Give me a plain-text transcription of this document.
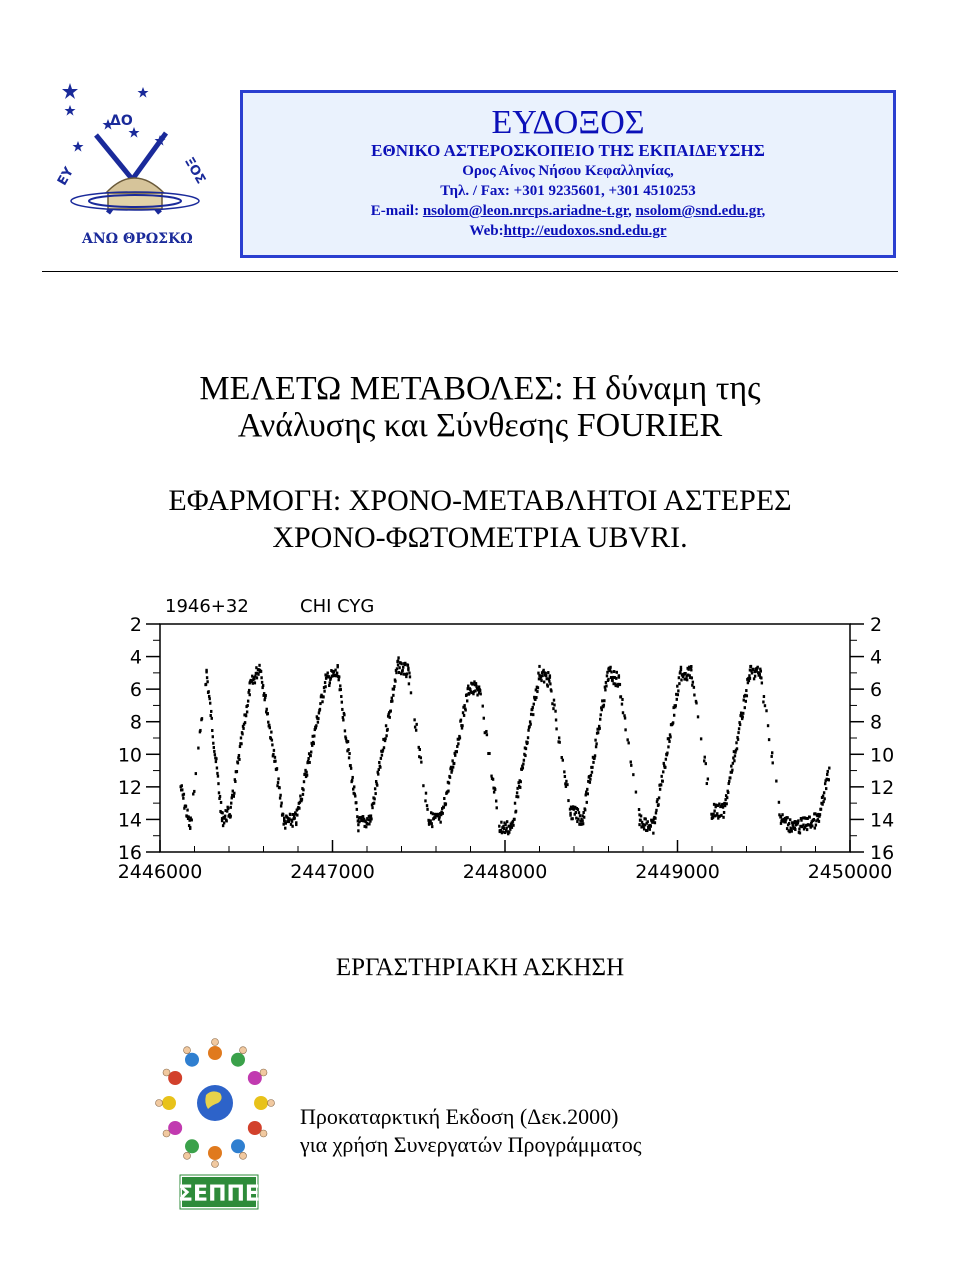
ΔΟ
ΕΥ	ΞΟΣ
ΑΝΩ ΘΡΩΣΚΩ
ΕΥΔΟΞΟΣ
ΕΘΝΙΚΟ ΑΣΤΕΡΟΣΚΟΠΕΙΟ ΤΗΣ ΕΚΠΑΙΔΕΥΣΗΣ
Ορος Αίνος Νήσου Κεφαλληνίας,
Τηλ. / Fax: +301 9235601, +301 4510253
E-mail: nsolom@leon.nrcps.ariadne-t.gr, nsolom@snd.edu.gr,
Web:http://eudoxos.snd.edu.gr
ΜΕΛΕΤΩ ΜΕΤΑΒΟΛΕΣ: Η δύναμη της
Ανάλυσης και Σύνθεσης FOURIER
ΕΦΑΡΜΟΓΗ: ΧΡΟΝΟ-ΜΕΤΑΒΛΗΤΟΙ ΑΣΤΕΡΕΣ
ΧΡΟΝΟ-ΦΩΤΟΜΕΤΡΙΑ UBVRI.
1946+32	CHI CYG
2
4
6
8
10
12
14
16
2
4
6
8
10
12
14
16
2446000	2447000	2448000	2449000	2450000
ΕΡΓΑΣΤΗΡΙΑΚΗ ΑΣΚΗΣΗ
ΣΕΠΠΕ
Προκαταρκτική Εκδοση (Δεκ.2000)
για χρήση Συνεργατών Προγράμματος
